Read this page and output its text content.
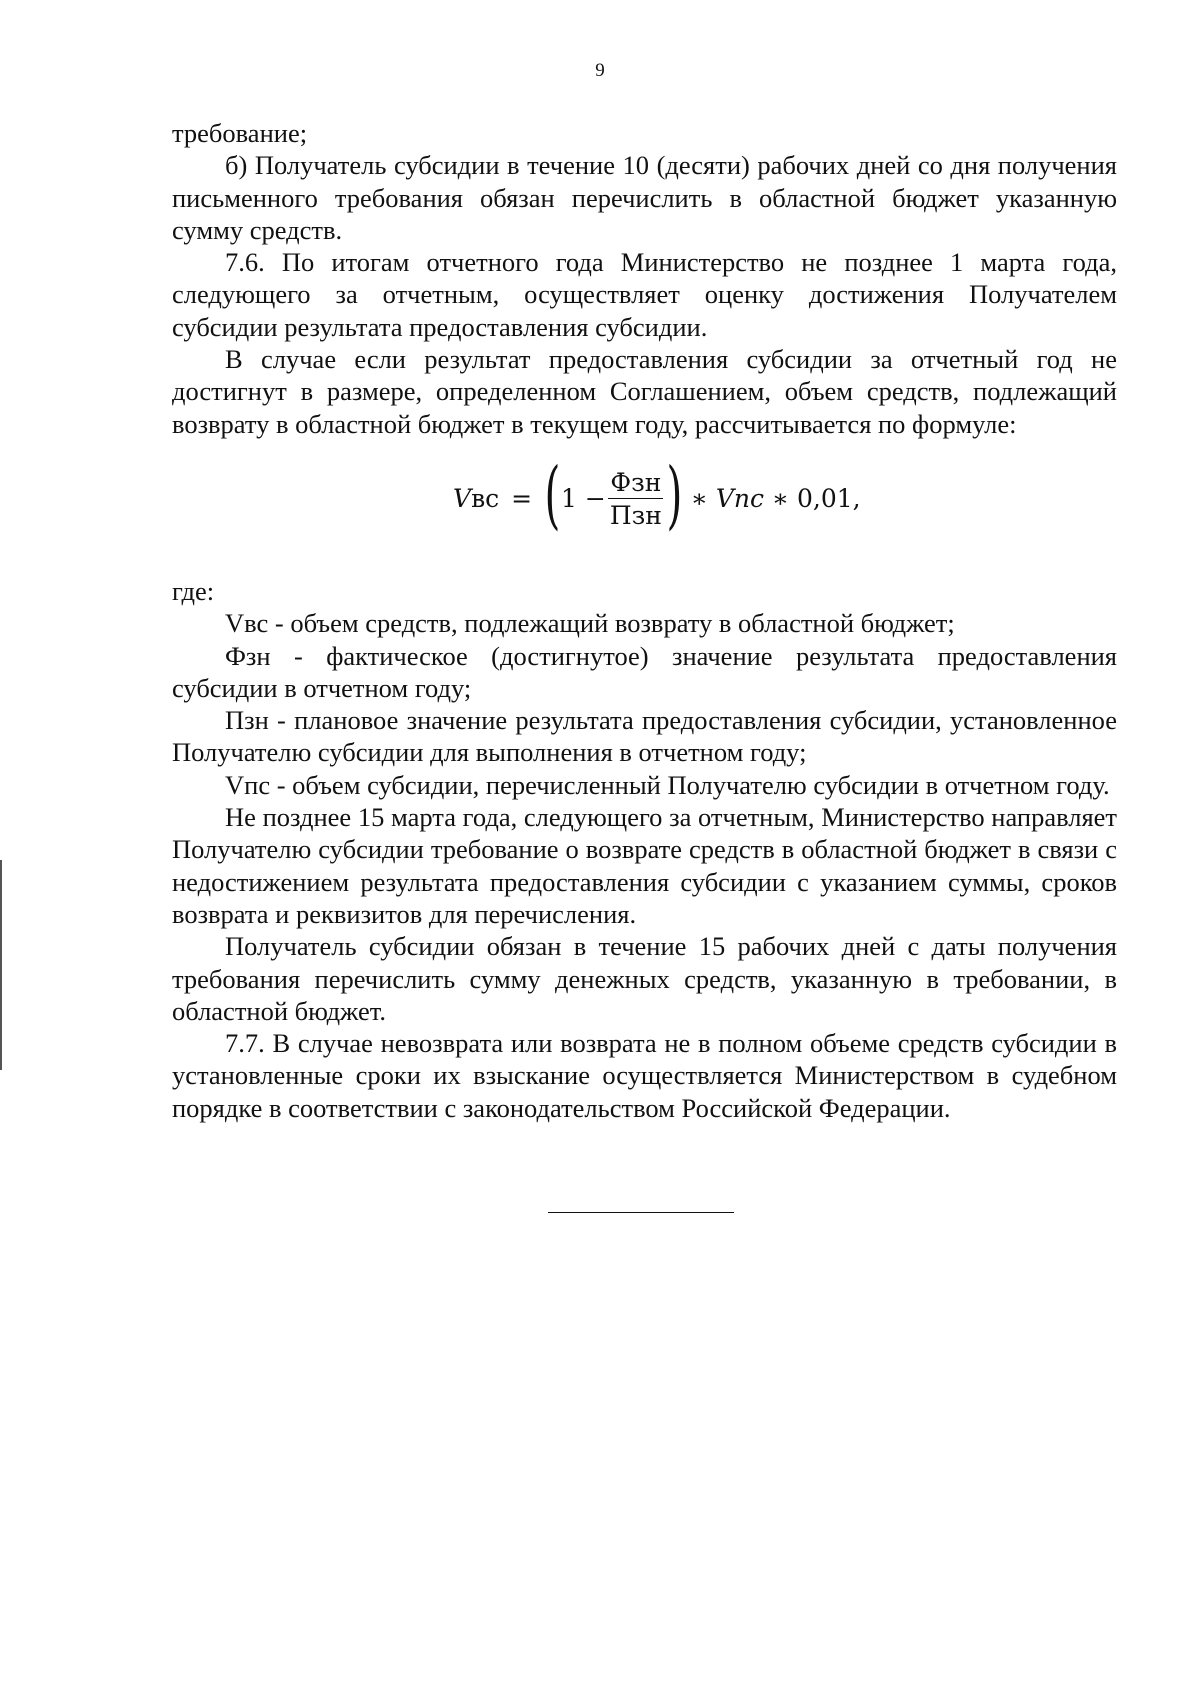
9

требование;

б) Получатель субсидии в течение 10 (десяти) рабочих дней со дня получения письменного требования обязан перечислить в областной бюджет указанную сумму средств.

7.6. По итогам отчетного года Министерство не позднее 1 марта года, следующего за отчетным, осуществляет оценку достижения Получателем субсидии результата предоставления субсидии.

В случае если результат предоставления субсидии за отчетный год не достигнут в размере, определенном Соглашением, объем средств, подлежащий возврату в областной бюджет в текущем году, рассчитывается по формуле:

V вс = ( $1 - \frac{\text{Фзн}}{\text{Пзн}}$ ) ∗ Vпс ∗ 0,01,

где:

Vвс - объем средств, подлежащий возврату в областной бюджет;

Фзн - фактическое (достигнутое) значение результата предоставления субсидии в отчетном году;

Пзн - плановое значение результата предоставления субсидии, установленное Получателю субсидии для выполнения в отчетном году;

Vпс - объем субсидии, перечисленный Получателю субсидии в отчетном году.

Не позднее 15 марта года, следующего за отчетным, Министерство направляет Получателю субсидии требование о возврате средств в областной бюджет в связи с недостижением результата предоставления субсидии с указанием суммы, сроков возврата и реквизитов для перечисления.

Получатель субсидии обязан в течение 15 рабочих дней с даты получения требования перечислить сумму денежных средств, указанную в требовании, в областной бюджет.

7.7. В случае невозврата или возврата не в полном объеме средств субсидии в установленные сроки их взыскание осуществляется Министерством в судебном порядке в соответствии с законодательством Российской Федерации.
